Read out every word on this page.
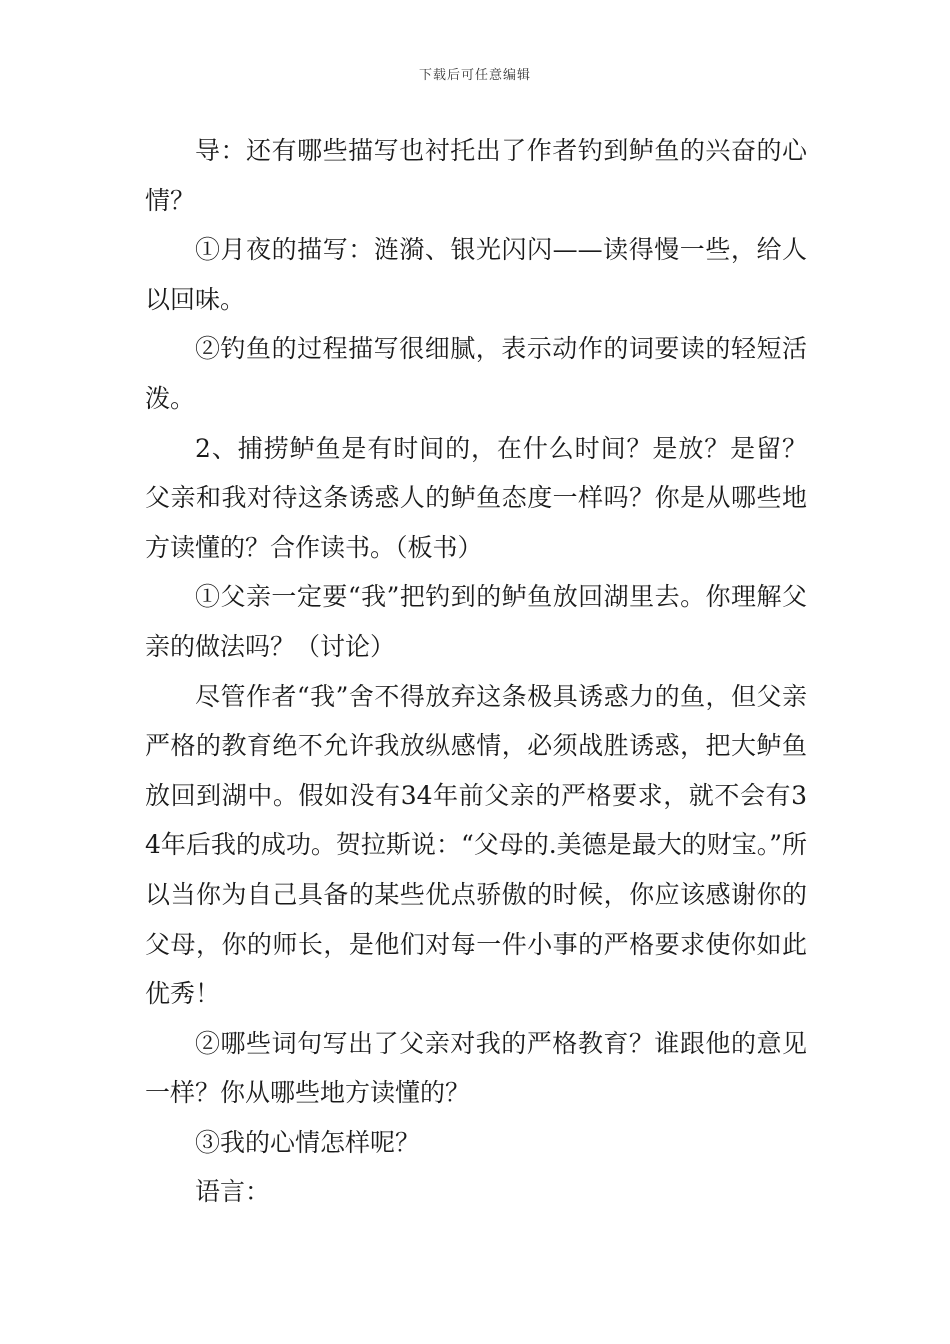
下载后可任意编辑

导：还有哪些描写也衬托出了作者钓到鲈鱼的兴奋的心情？

①月夜的描写：涟漪、银光闪闪——读得慢一些，给人以回味。

②钓鱼的过程描写很细腻，表示动作的词要读的轻短活泼。

2、捕捞鲈鱼是有时间的，在什么时间？是放？是留？父亲和我对待这条诱惑人的鲈鱼态度一样吗？你是从哪些地方读懂的？合作读书。（板书）

①父亲一定要“我”把钓到的鲈鱼放回湖里去。你理解父亲的做法吗？（讨论）

尽管作者“我”舍不得放弃这条极具诱惑力的鱼，但父亲严格的教育绝不允许我放纵感情，必须战胜诱惑，把大鲈鱼放回到湖中。假如没有34年前父亲的严格要求，就不会有34年后我的成功。贺拉斯说：“父母的.美德是最大的财宝。”所以当你为自己具备的某些优点骄傲的时候，你应该感谢你的父母，你的师长，是他们对每一件小事的严格要求使你如此优秀！

②哪些词句写出了父亲对我的严格教育？谁跟他的意见一样？你从哪些地方读懂的？

③我的心情怎样呢？

语言：
